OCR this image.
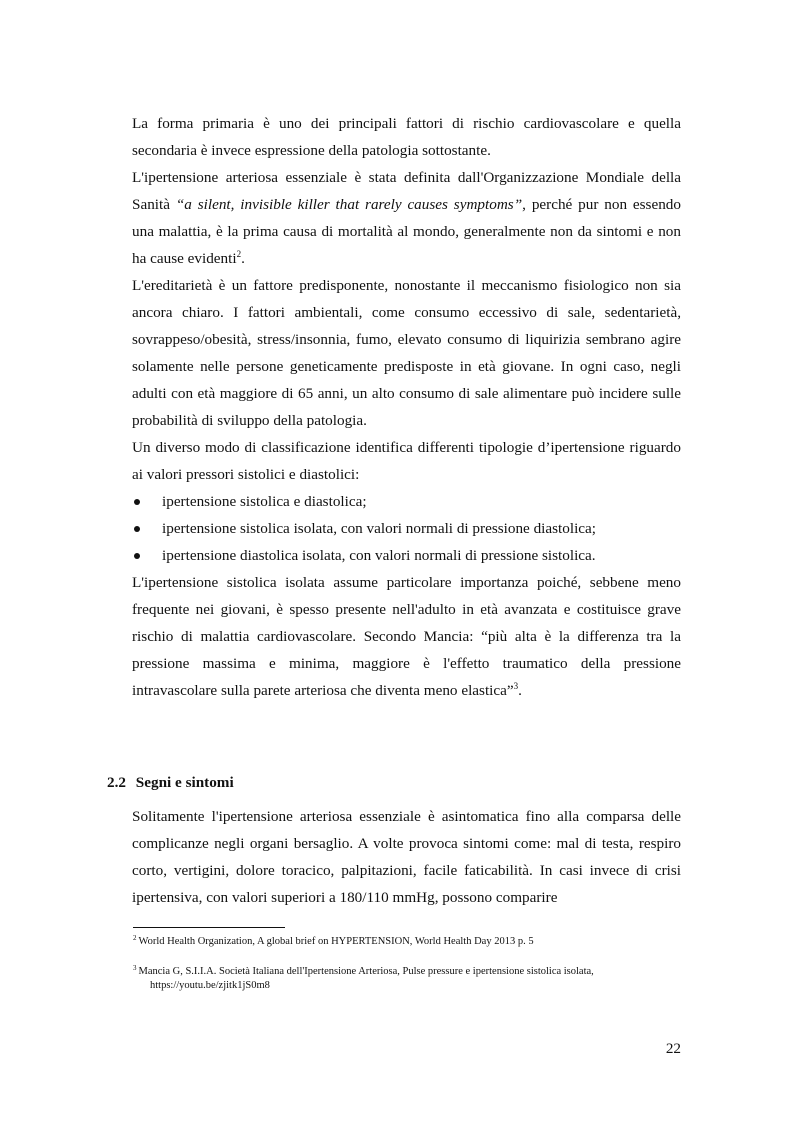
La forma primaria è uno dei principali fattori di rischio cardiovascolare e quella secondaria è invece espressione della patologia sottostante.

L'ipertensione arteriosa essenziale è stata definita dall'Organizzazione Mondiale della Sanità “a silent, invisible killer that rarely causes symptoms”, perché pur non essendo una malattia, è la prima causa di mortalità al mondo, generalmente non da sintomi e non ha cause evidenti$^2$.

L'ereditarietà è un fattore predisponente, nonostante il meccanismo fisiologico non sia ancora chiaro. I fattori ambientali, come consumo eccessivo di sale, sedentarietà, sovrappeso/obesità, stress/insonnia, fumo, elevato consumo di liquirizia sembrano agire solamente nelle persone geneticamente predisposte in età giovane. In ogni caso, negli adulti con età maggiore di 65 anni, un alto consumo di sale alimentare può incidere sulle probabilità di sviluppo della patologia.

Un diverso modo di classificazione identifica differenti tipologie d’ipertensione riguardo ai valori pressori sistolici e diastolici:

ipertensione sistolica e diastolica;
ipertensione sistolica isolata, con valori normali di pressione diastolica;
ipertensione diastolica isolata, con valori normali di pressione sistolica.

L'ipertensione sistolica isolata assume particolare importanza poiché, sebbene meno frequente nei giovani, è spesso presente nell'adulto in età avanzata e costituisce grave rischio di malattia cardiovascolare. Secondo Mancia: “più alta è la differenza tra la pressione massima e minima, maggiore è l'effetto traumatico della pressione intravascolare sulla parete arteriosa che diventa meno elastica”$^3$.

2.2 Segni e sintomi

Solitamente l'ipertensione arteriosa essenziale è asintomatica fino alla comparsa delle complicanze negli organi bersaglio. A volte provoca sintomi come: mal di testa, respiro corto, vertigini, dolore toracico, palpitazioni, facile faticabilità. In casi invece di crisi ipertensiva, con valori superiori a 180/110 mmHg, possono comparire

$^2$ World Health Organization, A global brief on HYPERTENSION, World Health Day 2013 p. 5
$^3$ Mancia G, S.I.I.A. Società Italiana dell'Ipertensione Arteriosa, Pulse pressure e ipertensione sistolica isolata,
https://youtu.be/zjitk1jS0m8
22
